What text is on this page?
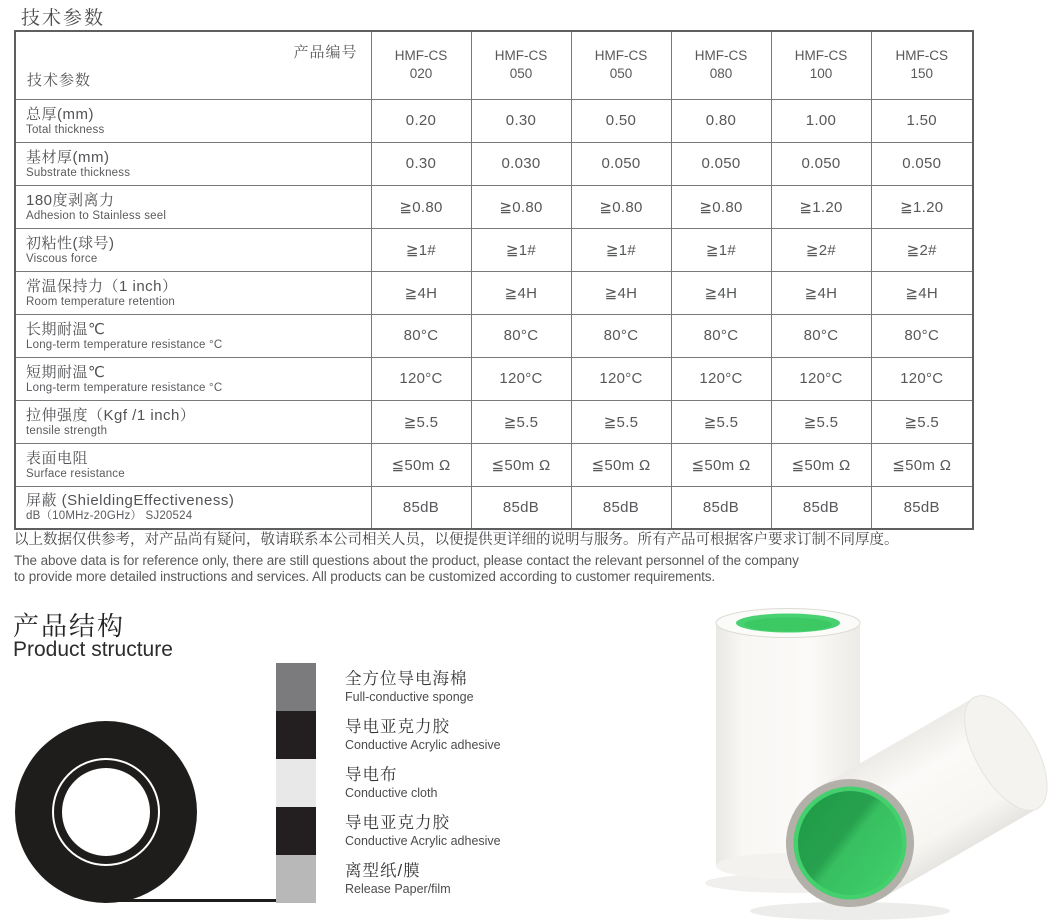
技术参数
产品编号
技术参数	HMF-CS 020	HMF-CS 050	HMF-CS 050	HMF-CS 080	HMF-CS 100	HMF-CS 150

总厚(mm)
Total thickness	0.20	0.30	0.50	0.80	1.00	1.50

基材厚(mm)
Substrate thickness	0.30	0.030	0.050	0.050	0.050	0.050

180度剥离力
Adhesion to Stainless seel	≧0.80	≧0.80	≧0.80	≧0.80	≧1.20	≧1.20

初粘性(球号)
Viscous force	≧1#	≧1#	≧1#	≧1#	≧2#	≧2#

常温保持力（1 inch）
Room temperature retention	≧4H	≧4H	≧4H	≧4H	≧4H	≧4H

长期耐温℃
Long-term temperature resistance °C	80°C	80°C	80°C	80°C	80°C	80°C

短期耐温℃
Long-term temperature resistance °C	120°C	120°C	120°C	120°C	120°C	120°C

拉伸强度（Kgf /1 inch）
tensile strength	≧5.5	≧5.5	≧5.5	≧5.5	≧5.5	≧5.5

表面电阻
Surface resistance	≦50m Ω	≦50m Ω	≦50m Ω	≦50m Ω	≦50m Ω	≦50m Ω

屏蔽 (ShieldingEffectiveness)
dB（10MHz-20GHz） SJ20524	85dB	85dB	85dB	85dB	85dB	85dB
以上数据仅供参考，对产品尚有疑问，敬请联系本公司相关人员，以便提供更详细的说明与服务。所有产品可根据客户要求订制不同厚度。
The above data is for reference only, there are still questions about the product, please contact the relevant personnel of the company
to provide more detailed instructions and services. All products can be customized according to customer requirements.
产品结构
Product structure
全方位导电海棉
Full-conductive sponge
导电亚克力胶
Conductive Acrylic adhesive
导电布
Conductive cloth
导电亚克力胶
Conductive Acrylic adhesive
离型纸/膜
Release Paper/film
